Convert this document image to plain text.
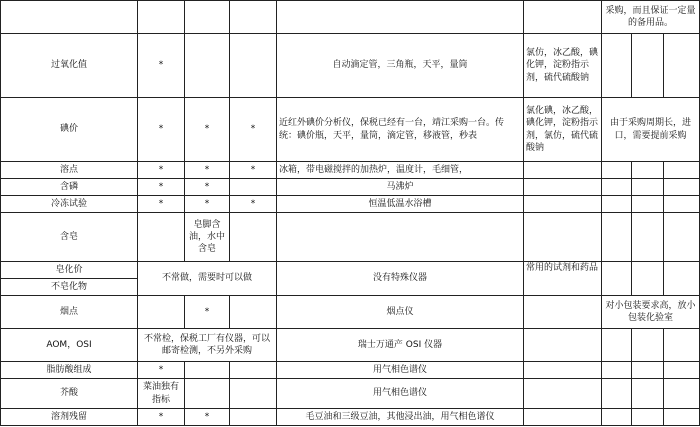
						采购，而且保证一定量的备用品。		
过氧化值	*			自动滴定管，三角瓶，天平，量筒	氯仿，冰乙酸，碘化钾，淀粉指示剂，硫代硫酸钠			
碘价	*	*	*	近红外碘价分析仪，保税已经有一台，靖江采购一台。传统：碘价瓶，天平，量筒，滴定管，移液管，秒表	氯化碘，冰乙酸，碘化钾，淀粉指示剂，氯仿，硫代硫酸钠	由于采购周期长，进口，需要提前采购		
溶点	*	*	*	冰箱，带电磁搅拌的加热炉，温度计，毛细管，				
含磷	*	*		马沸炉				
冷冻试验	*	*	*	恒温低温水浴槽				
含皂		皂脚含油，水中含皂						
皂化价	不常做，需要时可以做			没有特殊仪器	常用的试剂和药品			
不皂化物								
烟点		*		烟点仪		对小包装要求高，放小包装化验室		
AOM，OSI	不常检，保税工厂有仪器，可以邮寄检测，不另外采购			瑞士万通产 OSI 仪器				
脂肪酸组成	*			用气相色谱仪				
芥酸	菜油独有指标			用气相色谱仪				
溶剂残留	*	*		毛豆油和三级豆油，其他浸出油，用气相色谱仪				
